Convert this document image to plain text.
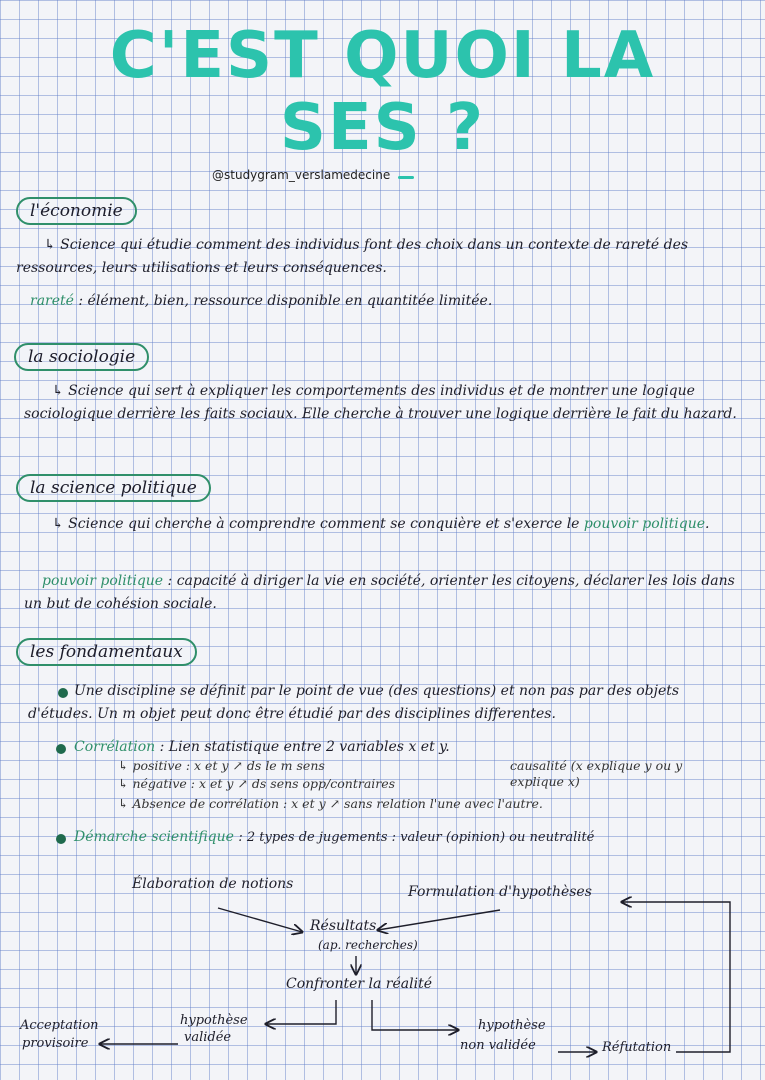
C'EST QUOI LA
SES ?
@studygram_verslamedecine
l'économie
↳ Science qui étudie comment des individus font des choix dans un contexte de rareté des ressources, leurs utilisations et leurs conséquences.
rareté : élément, bien, ressource disponible en quantitée limitée.
la sociologie
↳ Science qui sert à expliquer les comportements des individus et de montrer une logique sociologique derrière les faits sociaux. Elle cherche à trouver une logique derrière le fait du hazard.
la science politique
↳ Science qui cherche à comprendre comment se conquière et s'exerce le pouvoir politique.
pouvoir politique : capacité à diriger la vie en société, orienter les citoyens, déclarer les lois dans un but de cohésion sociale.
les fondamentaux
Une discipline se définit par le point de vue (des questions) et non pas par des objets d'études. Un m objet peut donc être étudié par des disciplines differentes.
Corrélation : Lien statistique entre 2 variables x et y.
↳ positive : x et y ↗ ds le m sens
↳ négative : x et y ↗ ds sens opp/contraires
↳ Absence de corrélation : x et y ↗ sans relation l'une avec l'autre.
causalité (x explique y ou y explique x)
Démarche scientifique : 2 types de jugements : valeur (opinion) ou neutralité
Élaboration de notions	Formulation d'hypothèses
Résultats
(ap. recherches)
Confronter la réalité
hypothèse
validée
Acceptation
provisoire
hypothèse
non validée	Réfutation
